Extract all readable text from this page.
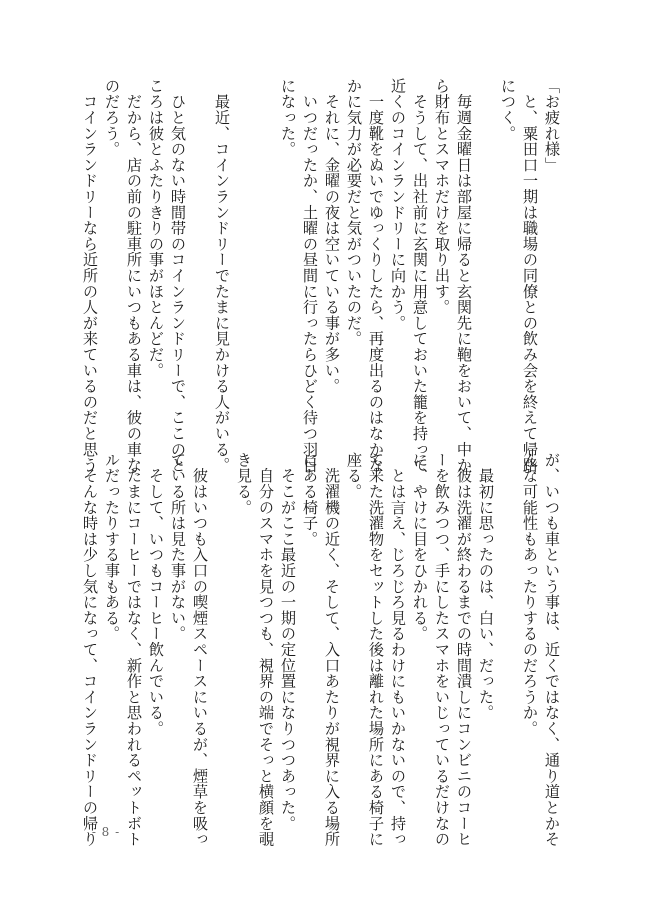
「お疲れ様」
　と、粟田口一期は職場の同僚との飲み会を終えて帰路
につく。

　毎週金曜日は部屋に帰ると玄関先に鞄をおいて、中か
ら財布とスマホだけを取り出す。
　そうして、出社前に玄関に用意しておいた籠を持って
近くのコインランドリーに向かう。
　一度靴をぬいでゆっくりしたら、再度出るのはなかな
かに気力が必要だと気がついたのだ。
　それに、金曜の夜は空いている事が多い。
　いつだったか、土曜の昼間に行ったらひどく待つ羽目
になった。

　最近、コインランドリーでたまに見かける人がいる。

　ひと気のない時間帯のコインランドリーで、ここのと
ころは彼とふたりきりの事がほとんどだ。
　だから、店の前の駐車所にいつもある車は、彼の車な
のだろう。
　コインランドリーなら近所の人が来ているのだと思う
が、いつも車という事は、近くではなく、通り道とかそ
んな可能性もあったりするのだろうか。

　最初に思ったのは、白い、だった。
　彼は洗濯が終わるまでの時間潰しにコンビニのコーヒ
ーを飲みつつ、手にしたスマホをいじっているだけなの
に、やけに目をひかれる。
　とは言え、じろじろ見るわけにもいかないので、持っ
て来た洗濯物をセットした後は離れた場所にある椅子に
座る。
　洗濯機の近く、そして、入口あたりが視界に入る場所
にある椅子。
　そこがここ最近の一期の定位置になりつつあった。
　自分のスマホを見つつも、視界の端でそっと横顔を覗
き見る。

　彼はいつも入口の喫煙スペースにいるが、煙草を吸っ
ている所は見た事がない。
　そして、いつもコーヒー飲んでいる。
　たまにコーヒーではなく、新作と思われるペットボト
ルだったりする事もある。
　そんな時は少し気になって、コインランドリーの帰り
- 8 -
